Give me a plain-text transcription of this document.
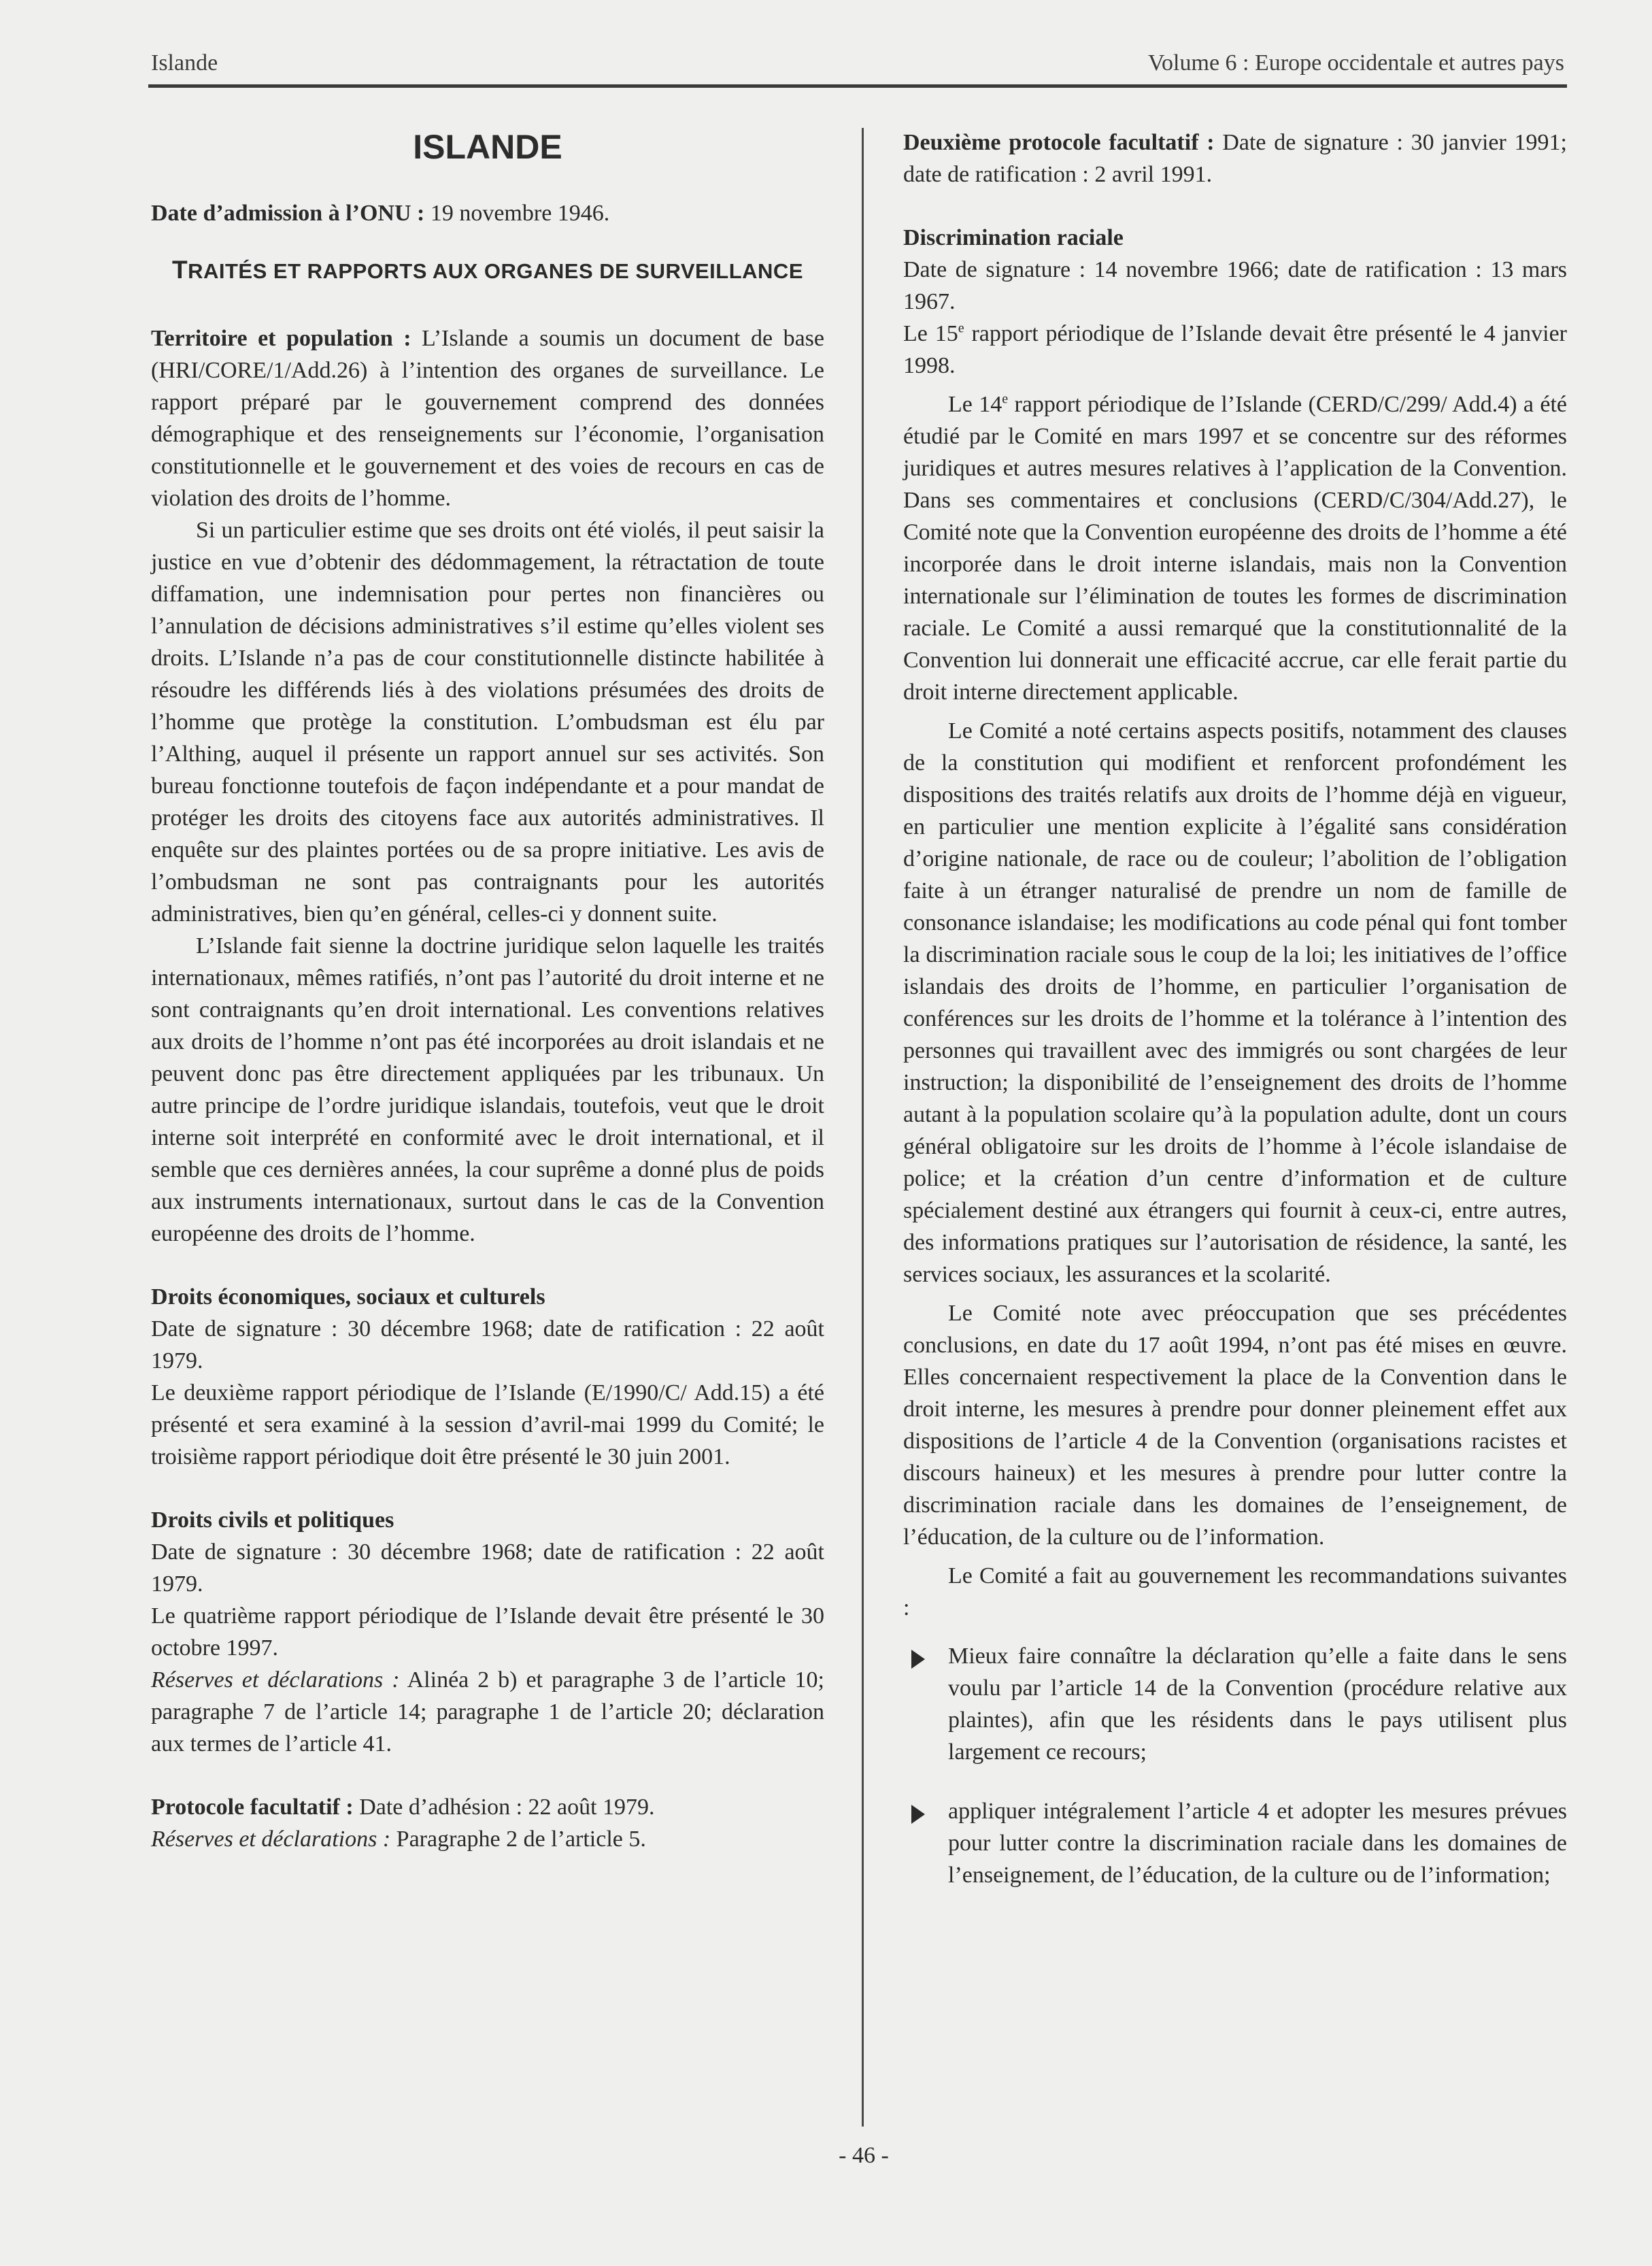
Islande	Volume 6 : Europe occidentale et autres pays
ISLANDE

Date d’admission à l’ONU : 19 novembre 1946.

TRAITÉS ET RAPPORTS AUX ORGANES DE SURVEILLANCE

Territoire et population : L’Islande a soumis un document de base (HRI/CORE/1/Add.26) à l’intention des organes de surveillance. Le rapport préparé par le gouvernement comprend des données démographique et des renseignements sur l’économie, l’organisation constitutionnelle et le gouvernement et des voies de recours en cas de violation des droits de l’homme.

Si un particulier estime que ses droits ont été violés, il peut saisir la justice en vue d’obtenir des dédommagement, la rétractation de toute diffamation, une indemnisation pour pertes non financières ou l’annulation de décisions administratives s’il estime qu’elles violent ses droits. L’Islande n’a pas de cour constitutionnelle distincte habilitée à résoudre les différends liés à des violations présumées des droits de l’homme que protège la constitution. L’ombudsman est élu par l’Althing, auquel il présente un rapport annuel sur ses activités. Son bureau fonctionne toutefois de façon indépendante et a pour mandat de protéger les droits des citoyens face aux autorités administratives. Il enquête sur des plaintes portées ou de sa propre initiative. Les avis de l’ombudsman ne sont pas contraignants pour les autorités administratives, bien qu’en général, celles-ci y donnent suite.

L’Islande fait sienne la doctrine juridique selon laquelle les traités internationaux, mêmes ratifiés, n’ont pas l’autorité du droit interne et ne sont contraignants qu’en droit international. Les conventions relatives aux droits de l’homme n’ont pas été incorporées au droit islandais et ne peuvent donc pas être directement appliquées par les tribunaux. Un autre principe de l’ordre juridique islandais, toutefois, veut que le droit interne soit interprété en conformité avec le droit international, et il semble que ces dernières années, la cour suprême a donné plus de poids aux instruments internationaux, surtout dans le cas de la Convention européenne des droits de l’homme.

Droits économiques, sociaux et culturels

Date de signature : 30 décembre 1968; date de ratification : 22 août 1979.

Le deuxième rapport périodique de l’Islande (E/1990/C/ Add.15) a été présenté et sera examiné à la session d’avril-mai 1999 du Comité; le troisième rapport périodique doit être présenté le 30 juin 2001.

Droits civils et politiques

Date de signature : 30 décembre 1968; date de ratification : 22 août 1979.

Le quatrième rapport périodique de l’Islande devait être présenté le 30 octobre 1997.

Réserves et déclarations : Alinéa 2 b) et paragraphe 3 de l’article 10; paragraphe 7 de l’article 14; paragraphe 1 de l’article 20; déclaration aux termes de l’article 41.

Protocole facultatif : Date d’adhésion : 22 août 1979.

Réserves et déclarations : Paragraphe 2 de l’article 5.

Deuxième protocole facultatif : Date de signature : 30 janvier 1991; date de ratification : 2 avril 1991.

Discrimination raciale

Date de signature : 14 novembre 1966; date de ratification : 13 mars 1967.

Le 15e rapport périodique de l’Islande devait être présenté le 4 janvier 1998.

Le 14e rapport périodique de l’Islande (CERD/C/299/ Add.4) a été étudié par le Comité en mars 1997 et se concentre sur des réformes juridiques et autres mesures relatives à l’application de la Convention. Dans ses commentaires et conclusions (CERD/C/304/Add.27), le Comité note que la Convention européenne des droits de l’homme a été incorporée dans le droit interne islandais, mais non la Convention internationale sur l’élimination de toutes les formes de discrimination raciale. Le Comité a aussi remarqué que la constitutionnalité de la Convention lui donnerait une efficacité accrue, car elle ferait partie du droit interne directement applicable.

Le Comité a noté certains aspects positifs, notamment des clauses de la constitution qui modifient et renforcent profondément les dispositions des traités relatifs aux droits de l’homme déjà en vigueur, en particulier une mention explicite à l’égalité sans considération d’origine nationale, de race ou de couleur; l’abolition de l’obligation faite à un étranger naturalisé de prendre un nom de famille de consonance islandaise; les modifications au code pénal qui font tomber la discrimination raciale sous le coup de la loi; les initiatives de l’office islandais des droits de l’homme, en particulier l’organisation de conférences sur les droits de l’homme et la tolérance à l’intention des personnes qui travaillent avec des immigrés ou sont chargées de leur instruction; la disponibilité de l’enseignement des droits de l’homme autant à la population scolaire qu’à la population adulte, dont un cours général obligatoire sur les droits de l’homme à l’école islandaise de police; et la création d’un centre d’information et de culture spécialement destiné aux étrangers qui fournit à ceux-ci, entre autres, des informations pratiques sur l’autorisation de résidence, la santé, les services sociaux, les assurances et la scolarité.

Le Comité note avec préoccupation que ses précédentes conclusions, en date du 17 août 1994, n’ont pas été mises en œuvre. Elles concernaient respectivement la place de la Convention dans le droit interne, les mesures à prendre pour donner pleinement effet aux dispositions de l’article 4 de la Convention (organisations racistes et discours haineux) et les mesures à prendre pour lutter contre la discrimination raciale dans les domaines de l’enseignement, de l’éducation, de la culture ou de l’information.

Le Comité a fait au gouvernement les recommandations suivantes :

Mieux faire connaître la déclaration qu’elle a faite dans le sens voulu par l’article 14 de la Convention (procédure relative aux plaintes), afin que les résidents dans le pays utilisent plus largement ce recours;
appliquer intégralement l’article 4 et adopter les mesures prévues pour lutter contre la discrimination raciale dans les domaines de l’enseignement, de l’éducation, de la culture ou de l’information;
- 46 -
